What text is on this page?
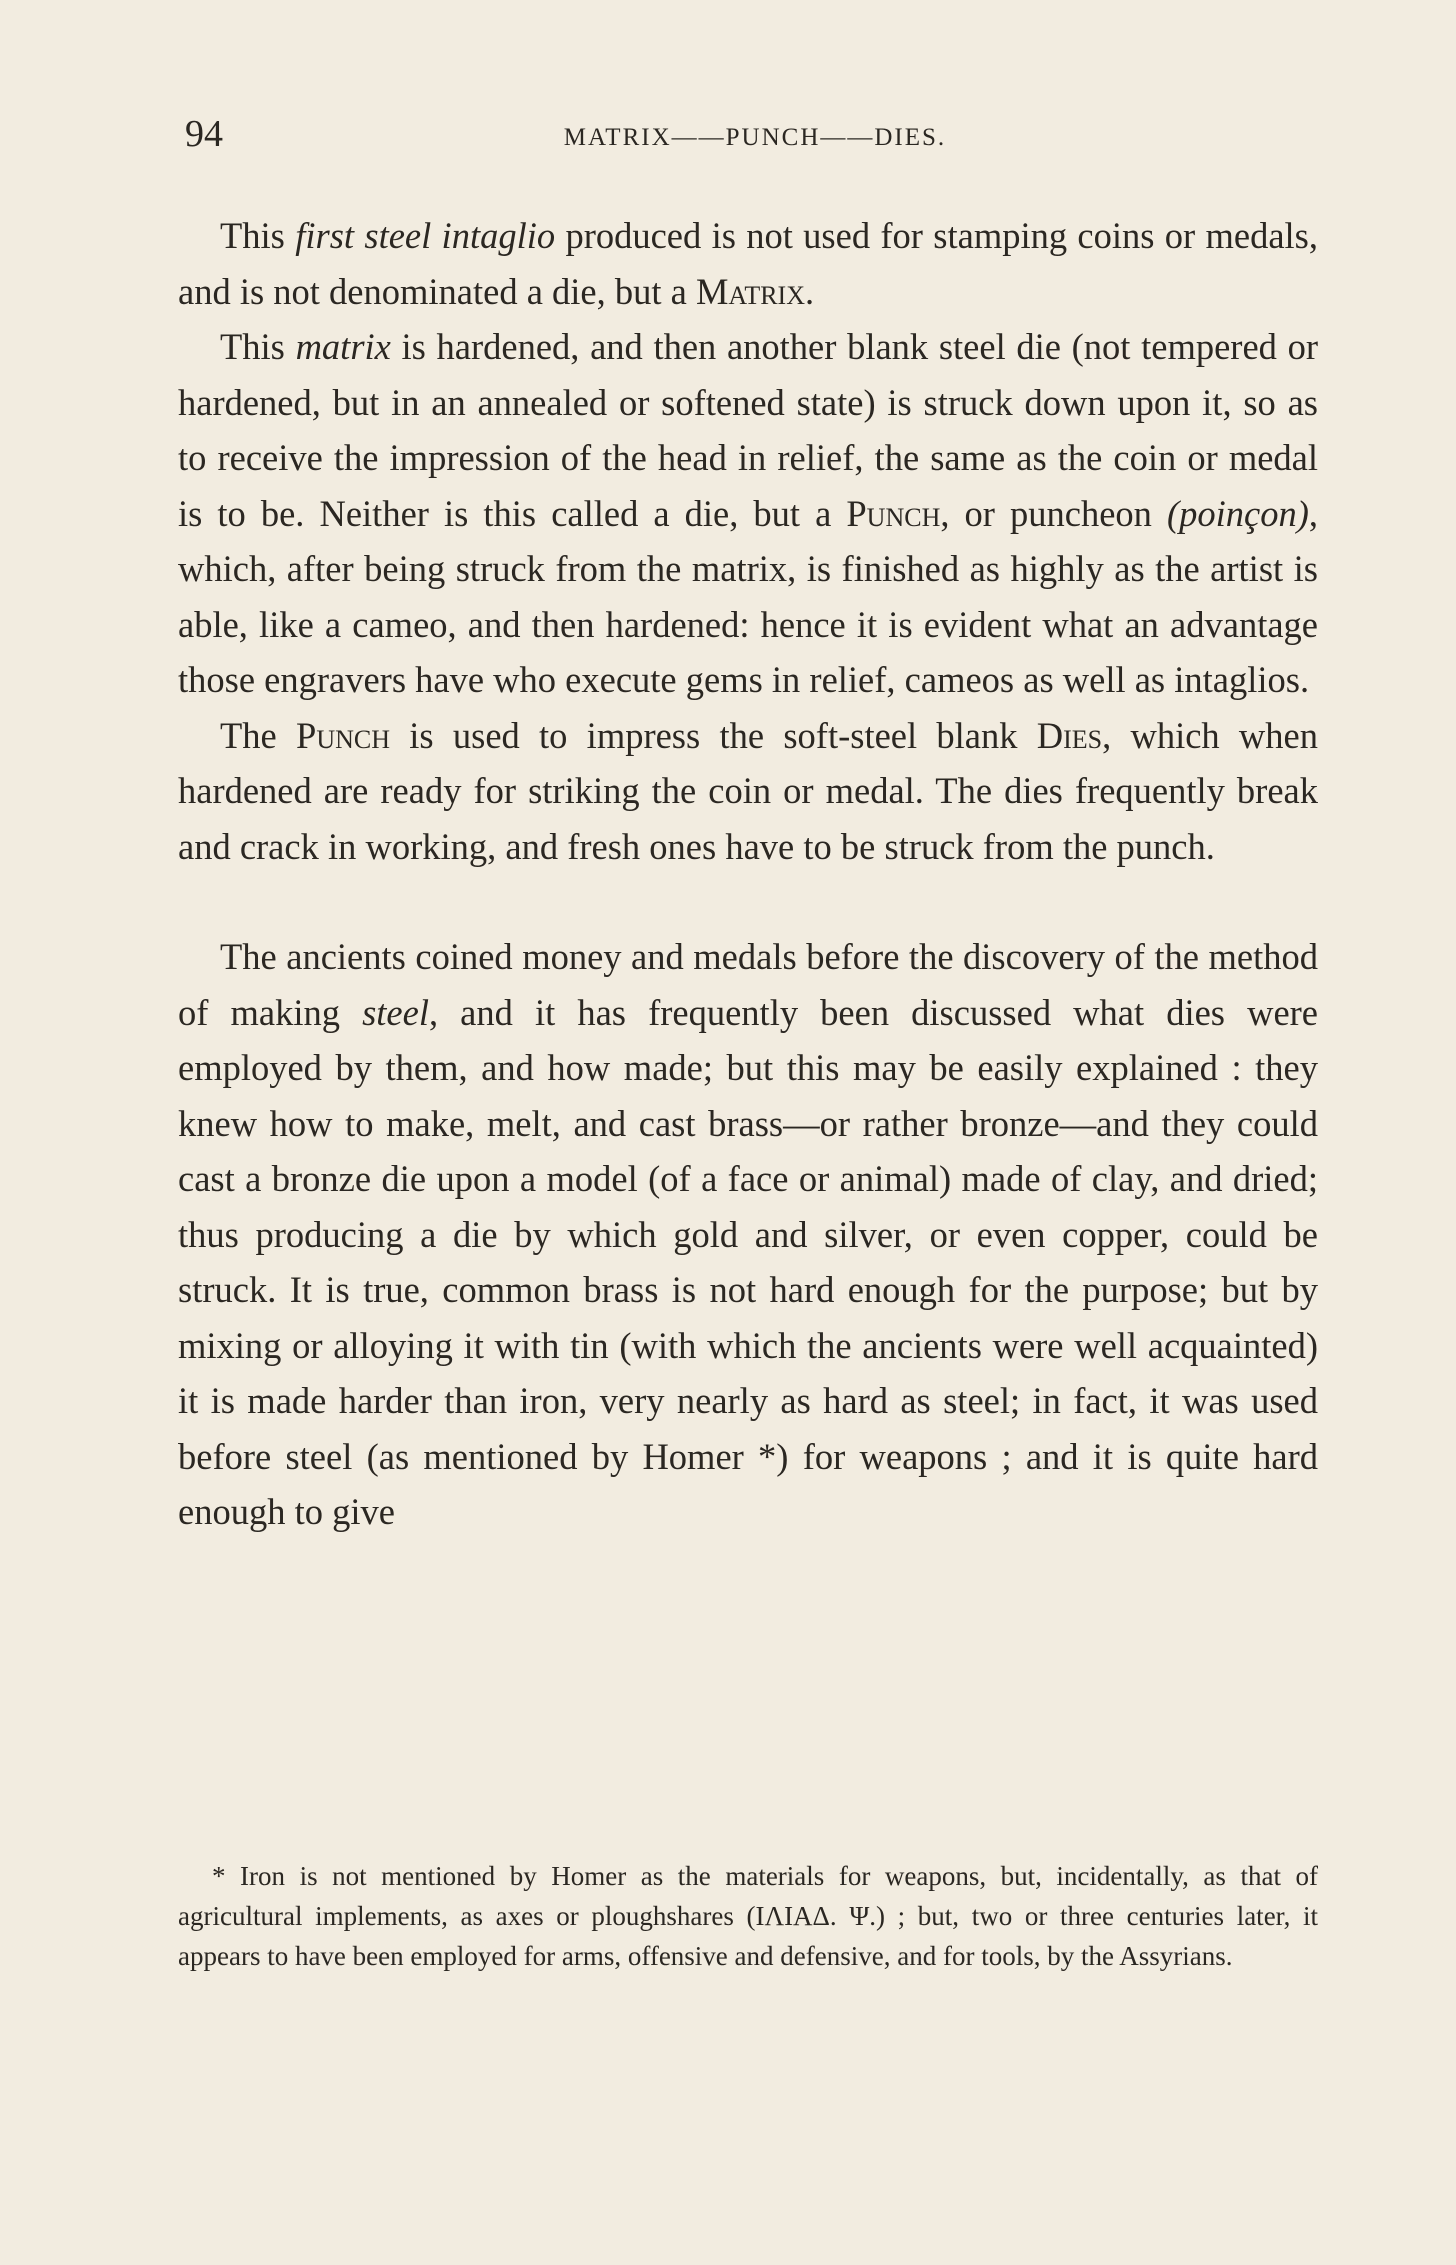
94	MATRIX——PUNCH——DIES.

This first steel intaglio produced is not used for stamping coins or medals, and is not denominated a die, but a Matrix.

This matrix is hardened, and then another blank steel die (not tempered or hardened, but in an annealed or softened state) is struck down upon it, so as to receive the impression of the head in relief, the same as the coin or medal is to be. Neither is this called a die, but a Punch, or puncheon (poinçon), which, after being struck from the matrix, is finished as highly as the artist is able, like a cameo, and then hardened: hence it is evident what an advantage those engravers have who execute gems in relief, cameos as well as intaglios.

The Punch is used to impress the soft-steel blank Dies, which when hardened are ready for striking the coin or medal. The dies frequently break and crack in working, and fresh ones have to be struck from the punch.

The ancients coined money and medals before the discovery of the method of making steel, and it has frequently been discussed what dies were employed by them, and how made; but this may be easily explained : they knew how to make, melt, and cast brass—or rather bronze—and they could cast a bronze die upon a model (of a face or animal) made of clay, and dried; thus producing a die by which gold and silver, or even copper, could be struck. It is true, common brass is not hard enough for the purpose; but by mixing or alloying it with tin (with which the ancients were well acquainted) it is made harder than iron, very nearly as hard as steel; in fact, it was used before steel (as mentioned by Homer *) for weapons ; and it is quite hard enough to give

* Iron is not mentioned by Homer as the materials for weapons, but, incidentally, as that of agricultural implements, as axes or ploughshares (ΙΛΙΑΔ. Ψ.) ; but, two or three centuries later, it appears to have been employed for arms, offensive and defensive, and for tools, by the Assyrians.
